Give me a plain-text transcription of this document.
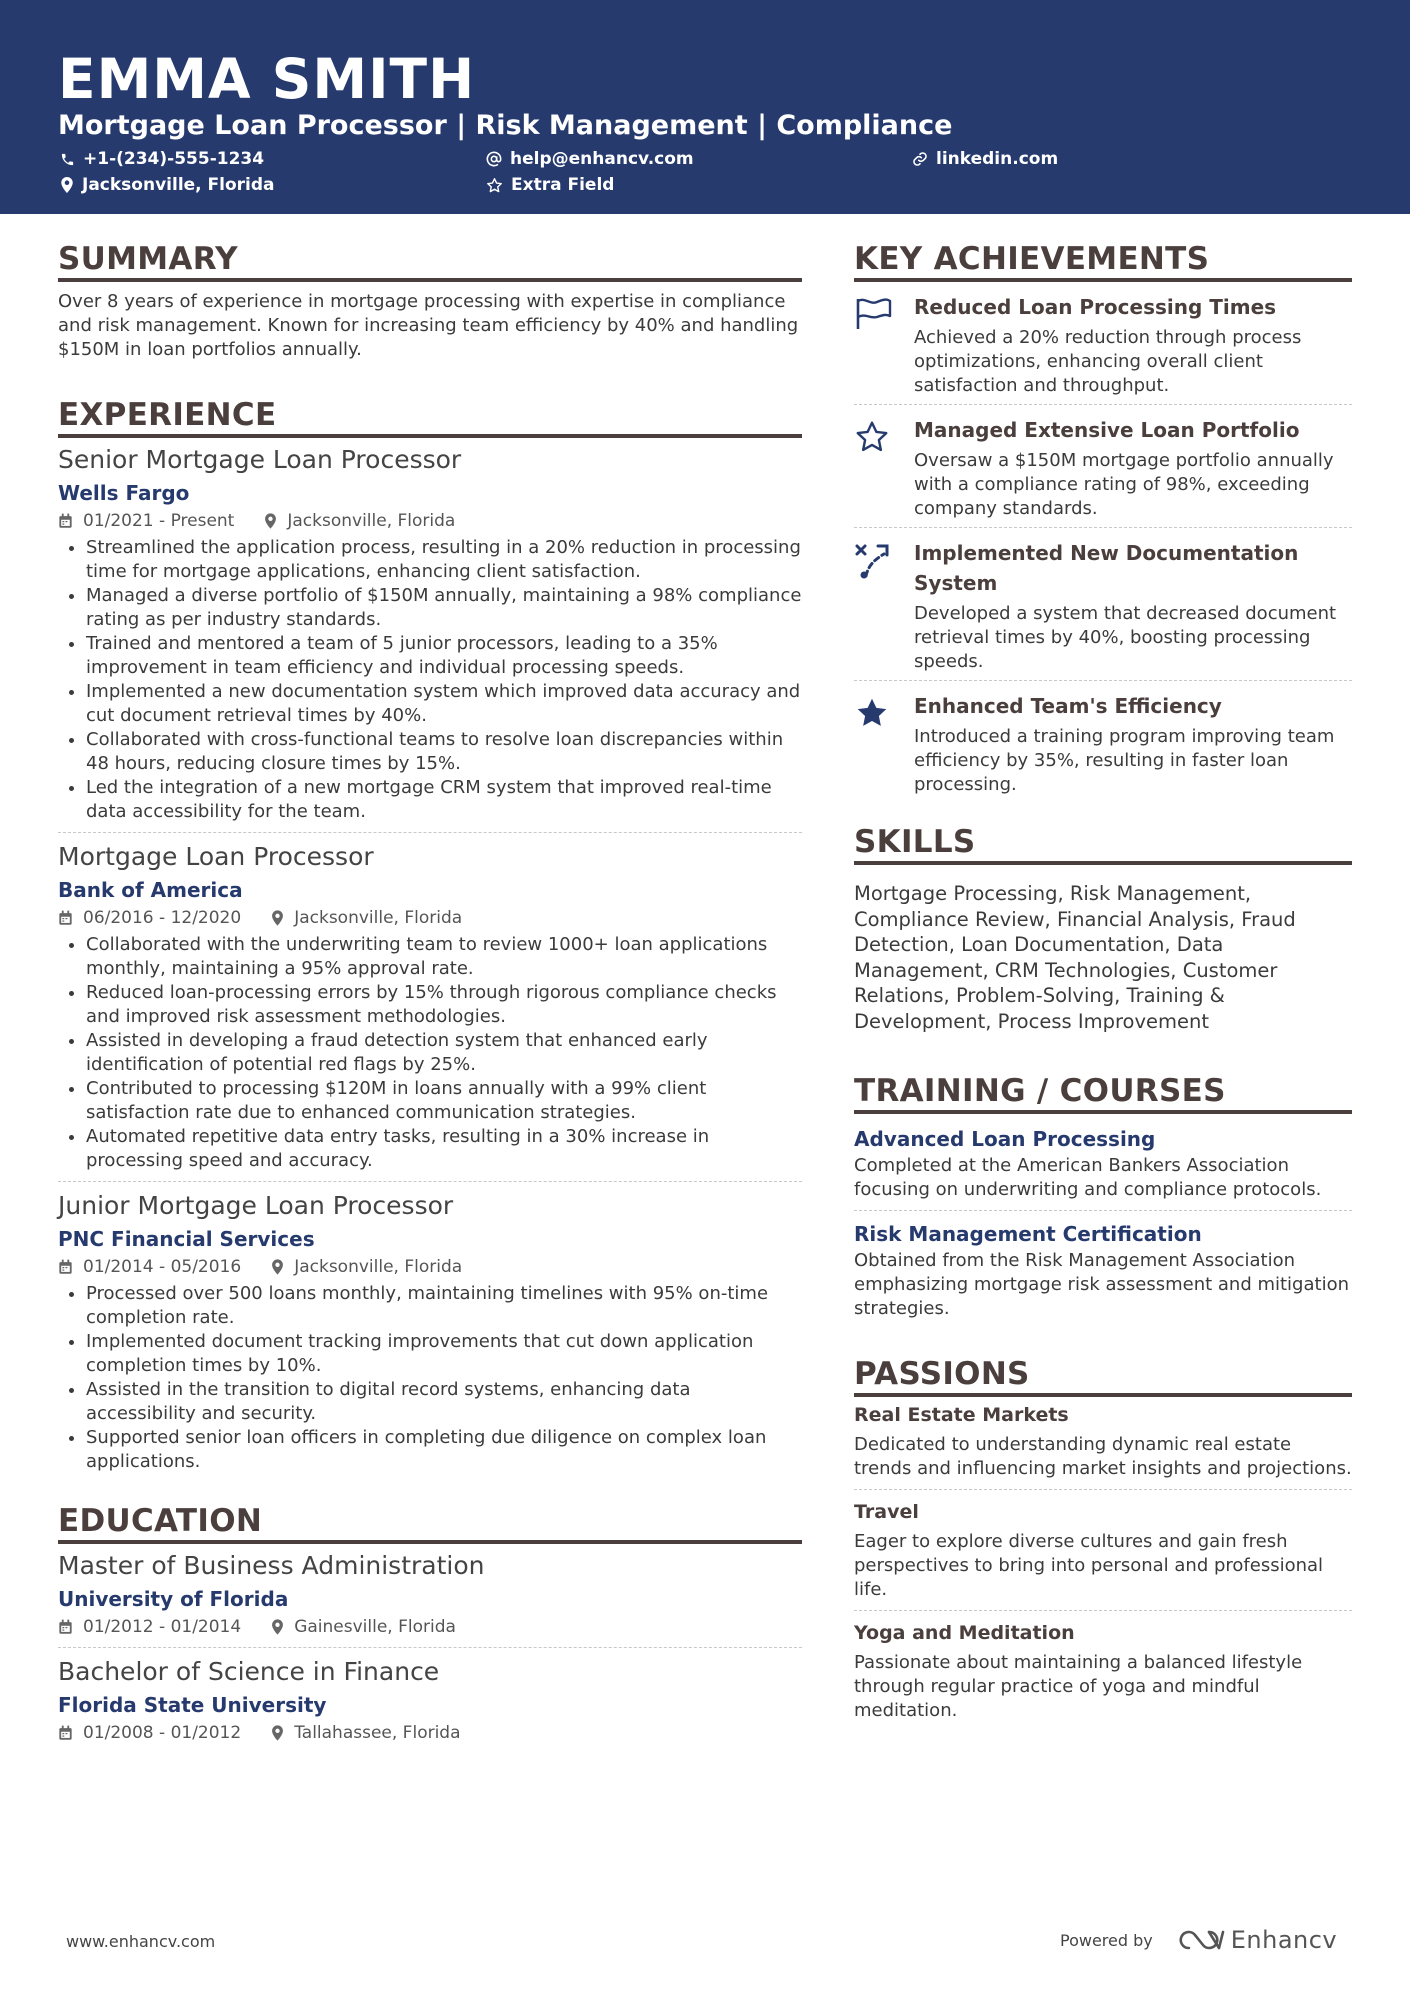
EMMA SMITH
Mortgage Loan Processor | Risk Management | Compliance
+1-(234)-555-1234	help@enhancv.com	linkedin.com
Jacksonville, Florida	Extra Field
SUMMARY
Over 8 years of experience in mortgage processing with expertise in compliance and risk management. Known for increasing team efficiency by 40% and handling $150M in loan portfolios annually.
EXPERIENCE
Senior Mortgage Loan Processor
Wells Fargo
01/2021 - Present	Jacksonville, Florida
• Streamlined the application process, resulting in a 20% reduction in processing time for mortgage applications, enhancing client satisfaction.
• Managed a diverse portfolio of $150M annually, maintaining a 98% compliance rating as per industry standards.
• Trained and mentored a team of 5 junior processors, leading to a 35% improvement in team efficiency and individual processing speeds.
• Implemented a new documentation system which improved data accuracy and cut document retrieval times by 40%.
• Collaborated with cross-functional teams to resolve loan discrepancies within 48 hours, reducing closure times by 15%.
• Led the integration of a new mortgage CRM system that improved real-time data accessibility for the team.
Mortgage Loan Processor
Bank of America
06/2016 - 12/2020	Jacksonville, Florida
• Collaborated with the underwriting team to review 1000+ loan applications monthly, maintaining a 95% approval rate.
• Reduced loan-processing errors by 15% through rigorous compliance checks and improved risk assessment methodologies.
• Assisted in developing a fraud detection system that enhanced early identification of potential red flags by 25%.
• Contributed to processing $120M in loans annually with a 99% client satisfaction rate due to enhanced communication strategies.
• Automated repetitive data entry tasks, resulting in a 30% increase in processing speed and accuracy.
Junior Mortgage Loan Processor
PNC Financial Services
01/2014 - 05/2016	Jacksonville, Florida
• Processed over 500 loans monthly, maintaining timelines with 95% on-time completion rate.
• Implemented document tracking improvements that cut down application completion times by 10%.
• Assisted in the transition to digital record systems, enhancing data accessibility and security.
• Supported senior loan officers in completing due diligence on complex loan applications.
EDUCATION
Master of Business Administration
University of Florida
01/2012 - 01/2014	Gainesville, Florida
Bachelor of Science in Finance
Florida State University
01/2008 - 01/2012	Tallahassee, Florida
KEY ACHIEVEMENTS
Reduced Loan Processing Times
Achieved a 20% reduction through process optimizations, enhancing overall client satisfaction and throughput.
Managed Extensive Loan Portfolio
Oversaw a $150M mortgage portfolio annually with a compliance rating of 98%, exceeding company standards.
Implemented New Documentation System
Developed a system that decreased document retrieval times by 40%, boosting processing speeds.
Enhanced Team's Efficiency
Introduced a training program improving team efficiency by 35%, resulting in faster loan processing.
SKILLS
Mortgage Processing, Risk Management, Compliance Review, Financial Analysis, Fraud Detection, Loan Documentation, Data Management, CRM Technologies, Customer Relations, Problem-Solving, Training & Development, Process Improvement
TRAINING / COURSES
Advanced Loan Processing
Completed at the American Bankers Association focusing on underwriting and compliance protocols.
Risk Management Certification
Obtained from the Risk Management Association emphasizing mortgage risk assessment and mitigation strategies.
PASSIONS
Real Estate Markets
Dedicated to understanding dynamic real estate trends and influencing market insights and projections.
Travel
Eager to explore diverse cultures and gain fresh perspectives to bring into personal and professional life.
Yoga and Meditation
Passionate about maintaining a balanced lifestyle through regular practice of yoga and mindful meditation.
www.enhancv.com	Powered by	Enhancv
